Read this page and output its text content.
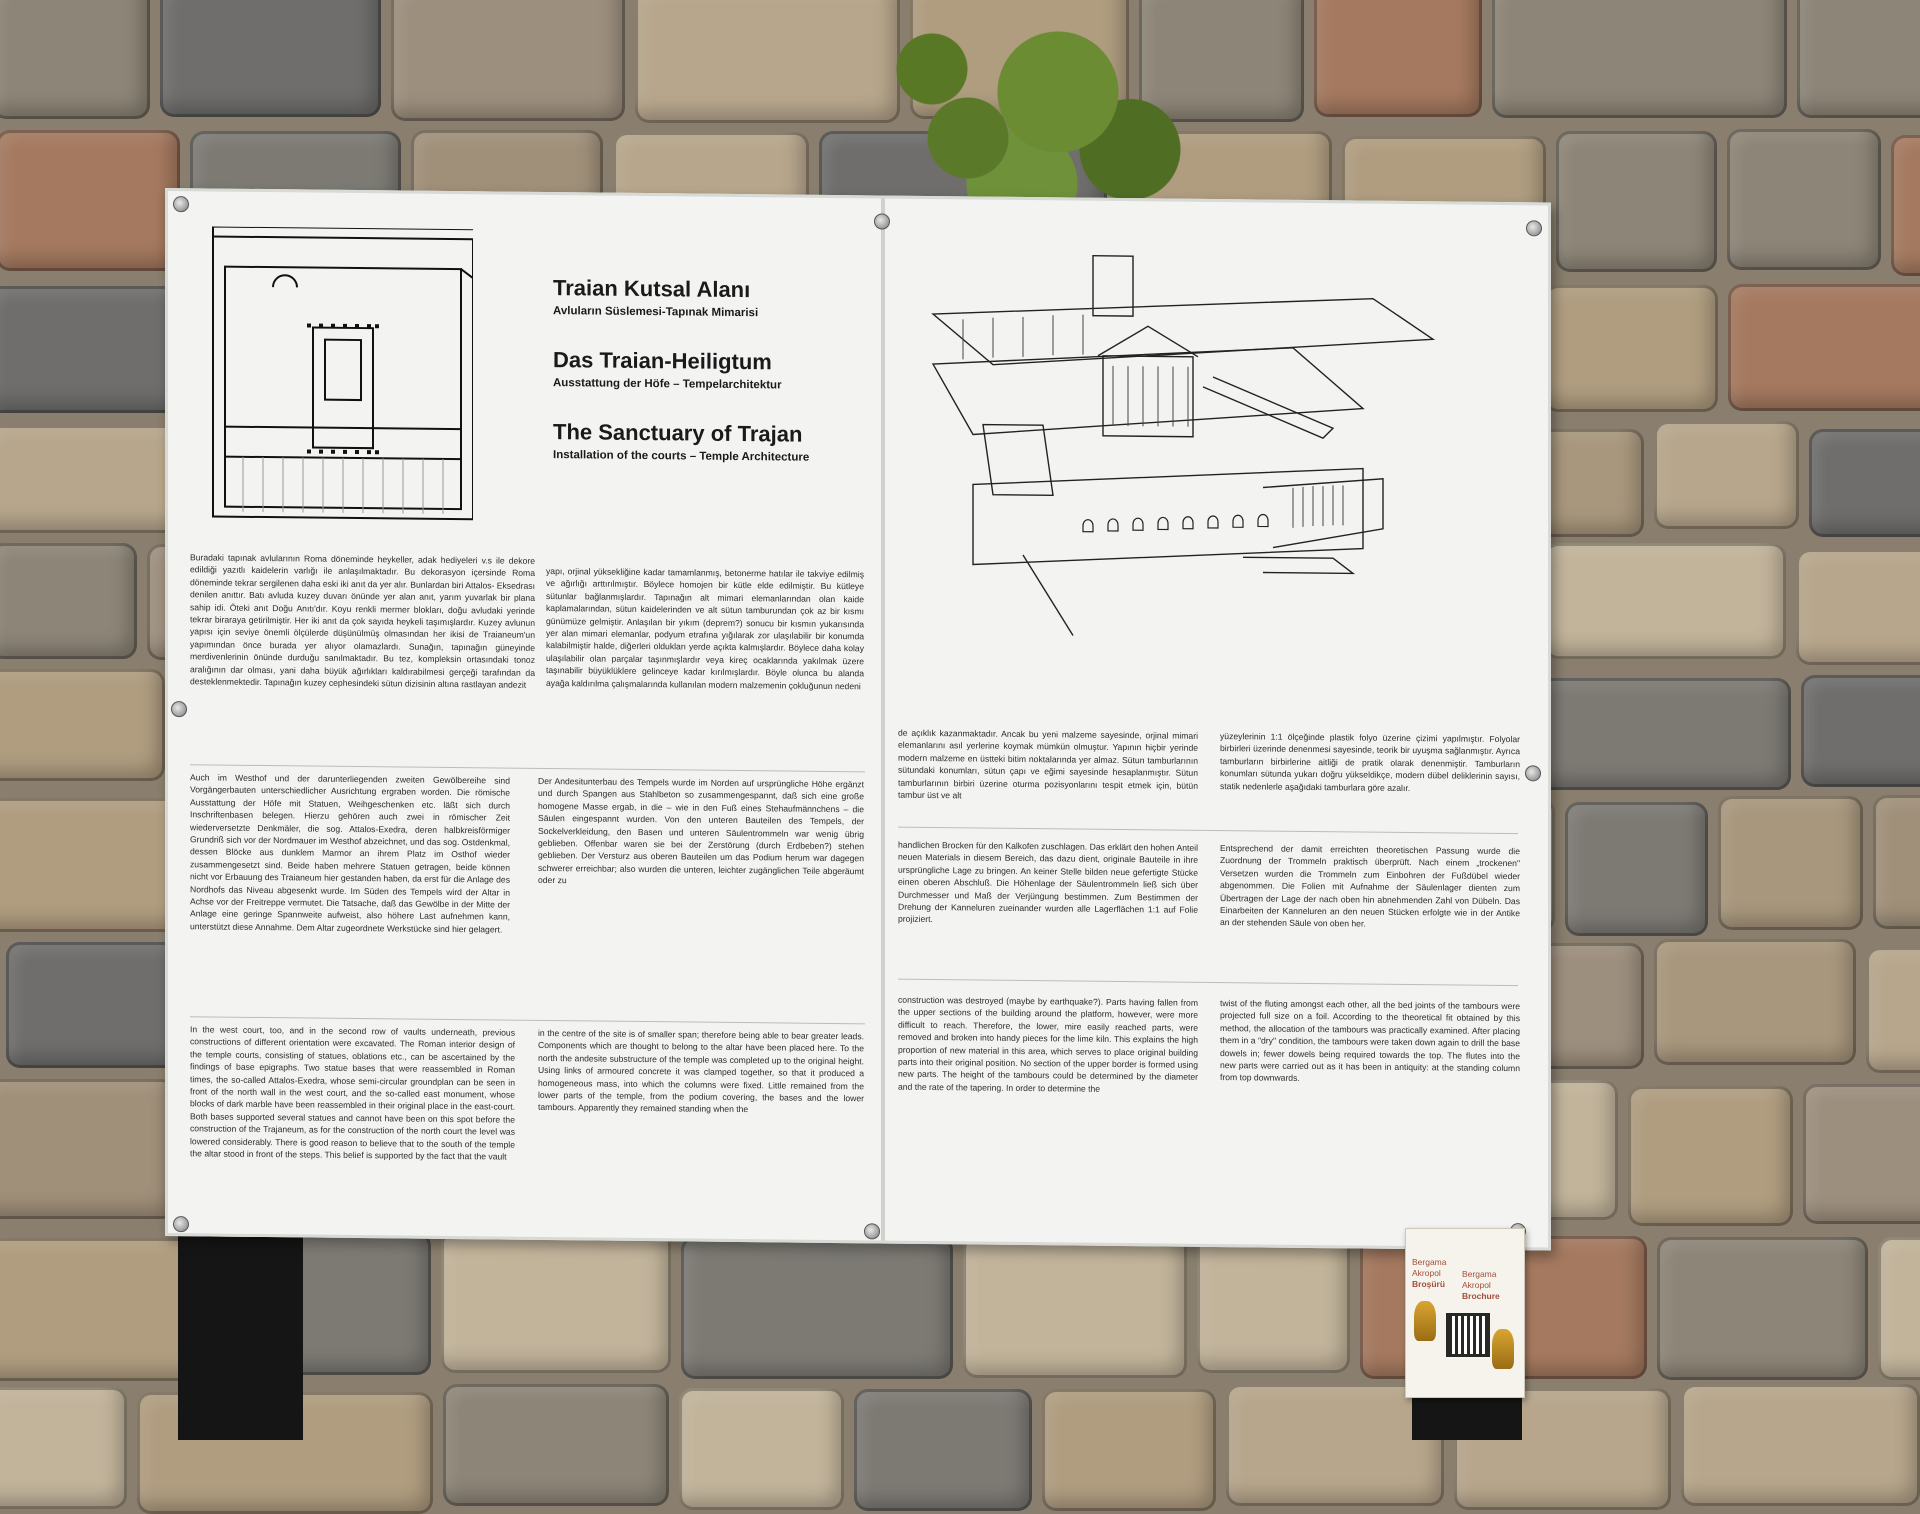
Traian Kutsal Alanı

Avluların Süslemesi-Tapınak Mimarisi

Das Traian-Heiligtum

Ausstattung der Höfe – Tempelarchitektur

The Sanctuary of Trajan

Installation of the courts – Temple Architecture

Buradaki tapınak avlularının Roma döneminde heykeller, adak hediyeleri v.s ile dekore edildiği yazıtlı kaidelerin varlığı ile anlaşılmaktadır. Bu dekorasyon içersinde Roma döneminde tekrar sergilenen daha eski iki anıt da yer alır. Bunlardan biri Attalos- Eksedrası denilen anıttır. Batı avluda kuzey duvarı önünde yer alan anıt, yarım yuvarlak bir plana sahip idi. Öteki anıt Doğu Anıtı'dır. Koyu renkli mermer blokları, doğu avludaki yerinde tekrar biraraya getirilmiştir. Her iki anıt da çok sayıda heykeli taşımışlardır. Kuzey avlunun yapısı için seviye önemli ölçülerde düşünülmüş olmasından her ikisi de Traianeum'un yapımından önce burada yer alıyor olamazlardı. Sunağın, tapınağın güneyinde merdivenlerinin önünde durduğu sanılmaktadır. Bu tez, kompleksin ortasındaki tonoz aralığının dar olması, yani daha büyük ağırlıkları kaldırabilmesi gerçeği tarafından da desteklenmektedir. Tapınağın kuzey cephesindeki sütun dizisinin altına rastlayan andezit

yapı, orjinal yüksekliğine kadar tamamlanmış, betonerme hatılar ile takviye edilmiş ve ağırlığı arttırılmıştır. Böylece homojen bir kütle elde edilmiştir. Bu kütleye sütunlar bağlanmışlardır. Tapınağın alt mimari elemanlarından olan kaide kaplamalarından, sütun kaidelerinden ve alt sütun tamburundan çok az bir kısmı günümüze gelmiştir. Anlaşılan bir yıkım (deprem?) sonucu bir kısmın yukarısında yer alan mimari elemanlar, podyum etrafına yığılarak zor ulaşılabilir bir konumda kalabilmiştir halde, diğerleri oldukları yerde açıkta kalmışlardır. Böylece daha kolay ulaşılabilir olan parçalar taşınmışlardır veya kireç ocaklarında yakılmak üzere taşınabilir büyüklüklere gelinceye kadar kırılmışlardır. Böyle olunca bu alanda ayağa kaldırılma çalışmalarında kullanılan modern malzemenin çokluğunun nedeni

de açıklık kazanmaktadır. Ancak bu yeni malzeme sayesinde, orjinal mimari elemanlarını asıl yerlerine koymak mümkün olmuştur. Yapının hiçbir yerinde modern malzeme en üstteki bitim noktalarında yer almaz. Sütun tamburlarının sütundaki konumları, sütun çapı ve eğimi sayesinde hesaplanmıştır. Sütun tamburlarının birbiri üzerine oturma pozisyonlarını tespit etmek için, bütün tambur üst ve alt

yüzeylerinin 1:1 ölçeğinde plastik folyo üzerine çizimi yapılmıştır. Folyolar birbirleri üzerinde denenmesi sayesinde, teorik bir uyuşma sağlanmıştır. Ayrıca tamburların birbirlerine aitliği de pratik olarak denenmiştir. Tamburların konumları sütunda yukarı doğru yükseldikçe, modern dübel deliklerinin sayısı, statik nedenlerle aşağıdaki tamburlara göre azalır.

Auch im Westhof und der darunterliegenden zweiten Gewölbereihe sind Vorgängerbauten unterschiedlicher Ausrichtung ergraben worden. Die römische Ausstattung der Höfe mit Statuen, Weihgeschenken etc. läßt sich durch Inschriftenbasen belegen. Hierzu gehören auch zwei in römischer Zeit wiederversetzte Denkmäler, die sog. Attalos-Exedra, deren halbkreisförmiger Grundriß sich vor der Nordmauer im Westhof abzeichnet, und das sog. Ostdenkmal, dessen Blöcke aus dunklem Marmor an ihrem Platz im Osthof wieder zusammengesetzt sind. Beide haben mehrere Statuen getragen, beide können nicht vor Erbauung des Traianeum hier gestanden haben, da erst für die Anlage des Nordhofs das Niveau abgesenkt wurde. Im Süden des Tempels wird der Altar in Achse vor der Freitreppe vermutet. Die Tatsache, daß das Gewölbe in der Mitte der Anlage eine geringe Spannweite aufweist, also höhere Last aufnehmen kann, unterstützt diese Annahme. Dem Altar zugeordnete Werkstücke sind hier gelagert.

Der Andesitunterbau des Tempels wurde im Norden auf ursprüngliche Höhe ergänzt und durch Spangen aus Stahlbeton so zusammengespannt, daß sich eine große homogene Masse ergab, in die – wie in den Fuß eines Stehaufmännchens – die Säulen eingespannt wurden. Von den unteren Bauteilen des Tempels, der Sockelverkleidung, den Basen und unteren Säulentrommeln war wenig übrig geblieben. Offenbar waren sie bei der Zerstörung (durch Erdbeben?) stehen geblieben. Der Versturz aus oberen Bauteilen um das Podium herum war dagegen schwerer erreichbar; also wurden die unteren, leichter zugänglichen Teile abgeräumt oder zu

handlichen Brocken für den Kalkofen zuschlagen. Das erklärt den hohen Anteil neuen Materials in diesem Bereich, das dazu dient, originale Bauteile in ihre ursprüngliche Lage zu bringen. An keiner Stelle bilden neue gefertigte Stücke einen oberen Abschluß. Die Höhenlage der Säulentrommeln ließ sich über Durchmesser und Maß der Verjüngung bestimmen. Zum Bestimmen der Drehung der Kanneluren zueinander wurden alle Lagerflächen 1:1 auf Folie projiziert.

Entsprechend der damit erreichten theoretischen Passung wurde die Zuordnung der Trommeln praktisch überprüft. Nach einem „trockenen" Versetzen wurden die Trommeln zum Einbohren der Fußdübel wieder abgenommen. Die Folien mit Aufnahme der Säulenlager dienten zum Übertragen der Lage der nach oben hin abnehmenden Zahl von Dübeln. Das Einarbeiten der Kanneluren an den neuen Stücken erfolgte wie in der Antike an der stehenden Säule von oben her.

In the west court, too, and in the second row of vaults underneath, previous constructions of different orientation were excavated. The Roman interior design of the temple courts, consisting of statues, oblations etc., can be ascertained by the findings of base epigraphs. Two statue bases that were reassembled in Roman times, the so-called Attalos-Exedra, whose semi-circular groundplan can be seen in front of the north wall in the west court, and the so-called east monument, whose blocks of dark marble have been reassembled in their original place in the east-court. Both bases supported several statues and cannot have been on this spot before the construction of the Trajaneum, as for the construction of the north court the level was lowered considerably. There is good reason to believe that to the south of the temple the altar stood in front of the steps. This belief is supported by the fact that the vault

in the centre of the site is of smaller span; therefore being able to bear greater leads. Components which are thought to belong to the altar have been placed here. To the north the andesite substructure of the temple was completed up to the original height. Using links of armoured concrete it was clamped together, so that it produced a homogeneous mass, into which the columns were fixed. Little remained from the lower parts of the temple, from the podium covering, the bases and the lower tambours. Apparently they remained standing when the

construction was destroyed (maybe by earthquake?). Parts having fallen from the upper sections of the building around the platform, however, were more difficult to reach. Therefore, the lower, mire easily reached parts, were removed and broken into handy pieces for the lime kiln. This explains the high proportion of new material in this area, which serves to place original building parts into their original position. No section of the upper border is formed using new parts. The height of the tambours could be determined by the diameter and the rate of the tapering. In order to determine the

twist of the fluting amongst each other, all the bed joints of the tambours were projected full size on a foil. According to the theoretical fit obtained by this method, the allocation of the tambours was practically examined. After placing them in a "dry" condition, the tambours were taken down again to drill the base dowels in; fewer dowels being required towards the top. The flutes into the new parts were carried out as it has been in antiquity: at the standing column from top downwards.

Bergama
Akropol
Broşürü
Bergama
Akropol
Brochure
